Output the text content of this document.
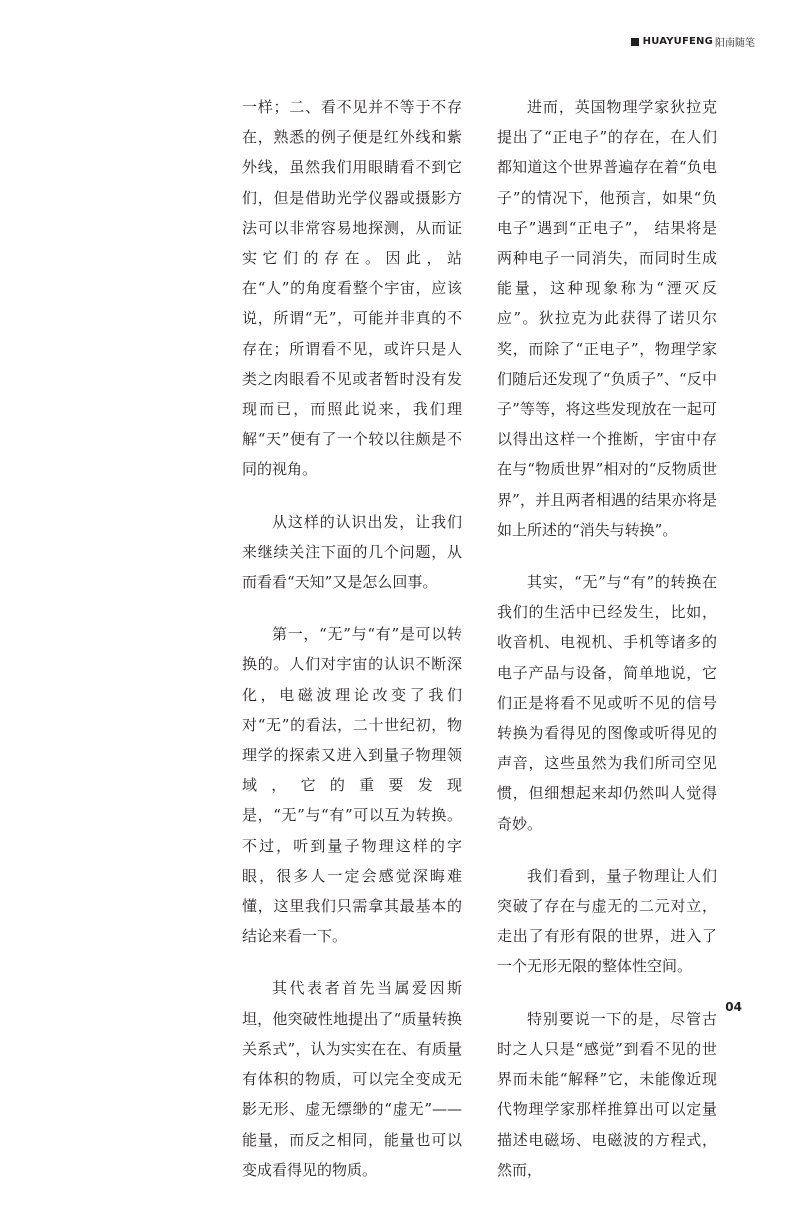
HUAYUFENG 阳南随笔

一样；二、看不见并不等于不存在，熟悉的例子便是红外线和紫外线，虽然我们用眼睛看不到它们，但是借助光学仪器或摄影方法可以非常容易地探测，从而证实它们的存在。因此，站在“人”的角度看整个宇宙，应该说，所谓“无”，可能并非真的不存在；所谓看不见，或许只是人类之肉眼看不见或者暂时没有发现而已，而照此说来，我们理解“天”便有了一个较以往颇是不同的视角。

从这样的认识出发，让我们来继续关注下面的几个问题，从而看看“天知”又是怎么回事。

第一，“无”与“有”是可以转换的。人们对宇宙的认识不断深化，电磁波理论改变了我们对“无”的看法，二十世纪初，物理学的探索又进入到量子物理领域，它的重要发现是，“无”与“有”可以互为转换。不过，听到量子物理这样的字眼，很多人一定会感觉深晦难懂，这里我们只需拿其最基本的结论来看一下。

其代表者首先当属爱因斯坦，他突破性地提出了“质量转换关系式”，认为实实在在、有质量有体积的物质，可以完全变成无影无形、虚无缥缈的“虚无”——能量，而反之相同，能量也可以变成看得见的物质。

进而，英国物理学家狄拉克提出了“正电子”的存在，在人们都知道这个世界普遍存在着“负电子”的情况下，他预言，如果“负电子”遇到“正电子”， 结果将是两种电子一同消失，而同时生成能量，这种现象称为“湮灭反应”。狄拉克为此获得了诺贝尔奖，而除了“正电子”，物理学家们随后还发现了“负质子”、“反中子”等等，将这些发现放在一起可以得出这样一个推断，宇宙中存在与“物质世界”相对的“反物质世界”，并且两者相遇的结果亦将是如上所述的“消失与转换”。

其实，“无”与“有”的转换在我们的生活中已经发生，比如，收音机、电视机、手机等诸多的电子产品与设备，简单地说，它们正是将看不见或听不见的信号转换为看得见的图像或听得见的声音，这些虽然为我们所司空见惯，但细想起来却仍然叫人觉得奇妙。

我们看到，量子物理让人们突破了存在与虚无的二元对立，走出了有形有限的世界，进入了一个无形无限的整体性空间。

特别要说一下的是，尽管古时之人只是“感觉”到看不见的世界而未能“解释”它，未能像近现代物理学家那样推算出可以定量描述电磁场、电磁波的方程式，然而，

04
